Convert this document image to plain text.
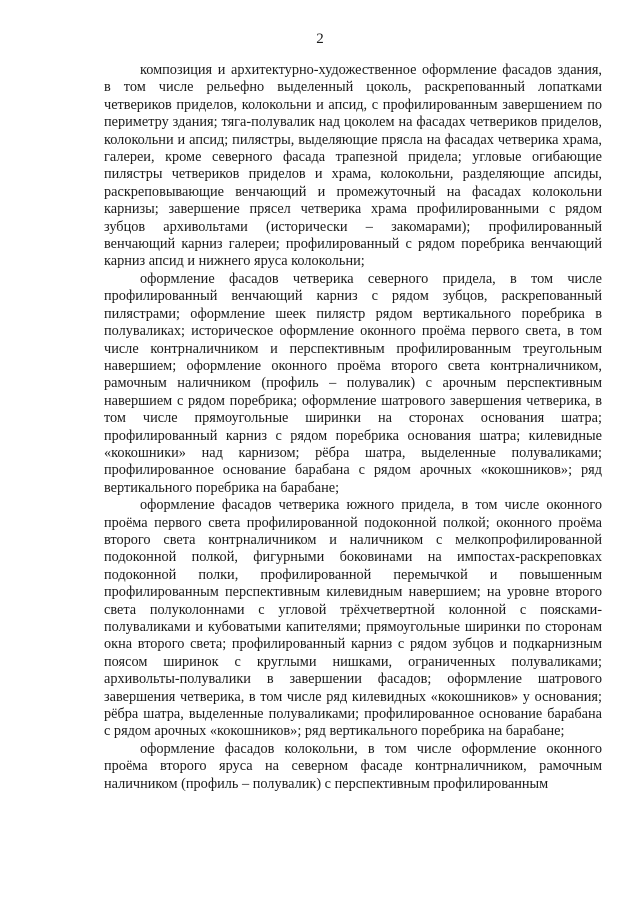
2

композиция и архитектурно-художественное оформление фасадов здания, в том числе рельефно выделенный цоколь, раскрепованный лопатками четвериков приделов, колокольни и апсид, с профилированным завершением по периметру здания; тяга-полувалик над цоколем на фасадах четвериков приделов, колокольни и апсид; пилястры, выделяющие прясла на фасадах четверика храма, галереи, кроме северного фасада трапезной придела; угловые огибающие пилястры четвериков приделов и храма, колокольни, разделяющие апсиды, раскреповывающие венчающий и промежуточный на фасадах колокольни карнизы; завершение прясел четверика храма профилированными с рядом зубцов архивольтами (исторически – закомарами); профилированный венчающий карниз галереи; профилированный с рядом поребрика венчающий карниз апсид и нижнего яруса колокольни;

оформление фасадов четверика северного придела, в том числе профилированный венчающий карниз с рядом зубцов, раскрепованный пилястрами; оформление шеек пилястр рядом вертикального поребрика в полувaликах; историческое оформление оконного проёма первого света, в том числе контрналичником и перспективным профилированным треугольным навершием; оформление оконного проёма второго света контрналичником, рамочным наличником (профиль – полувалик) с арочным перспективным навершием с рядом поребрика; оформление шатрового завершения четверика, в том числе прямоугольные ширинки на сторонах основания шатра; профилированный карниз с рядом поребрика основания шатра; килевидные «кокошники» над карнизом; рёбра шатра, выделенные полувaликами; профилированное основание барабана с рядом арочных «кокошников»; ряд вертикального поребрика на барабане;

оформление фасадов четверика южного придела, в том числе оконного проёма первого света профилированной подоконной полкой; оконного проёма второго света контрналичником и наличником с мелкопрофилированной подоконной полкой, фигурными боковинами на импостах-раскреповках подоконной полки, профилированной перемычкой и повышенным профилированным перспективным килевидным навершием; на уровне второго света полуколоннами с угловой трёхчетвертной колонной с поясками-полувaликами и кубоватыми капителями; прямоугольные ширинки по сторонам окна второго света; профилированный карниз с рядом зубцов и подкарнизным поясом ширинок с круглыми нишками, ограниченных полувaликами; архивольты-полувалики в завершении фасадов; оформление шатрового завершения четверика, в том числе ряд килевидных «кокошников» у основания; рёбра шатра, выделенные полувaликами; профилированное основание барабана с рядом арочных «кокошников»; ряд вертикального поребрика на барабане;

оформление фасадов колокольни, в том числе оформление оконного проёма второго яруса на северном фасаде контрналичником, рамочным наличником (профиль – полувалик) с перспективным профилированным
